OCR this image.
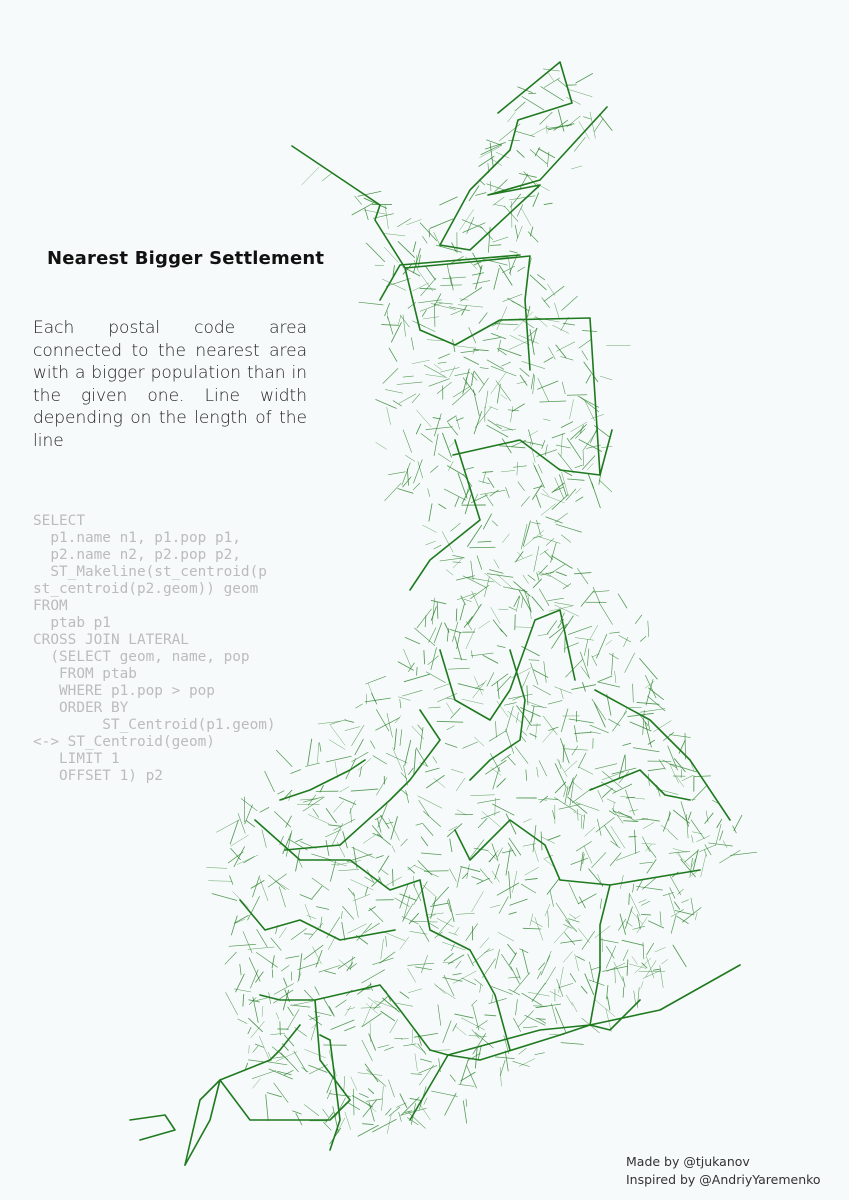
Nearest Bigger Settlement
Each postal code area connected to the nearest area with a bigger population than in the given one. Line width depending on the length of the line
SELECT
p1.name n1, p1.pop p1,
p2.name n2, p2.pop p2,
ST_Makeline(st_centroid(p
st_centroid(p2.geom)) geom
FROM
ptab p1
CROSS JOIN LATERAL
(SELECT geom, name, pop
FROM ptab
WHERE p1.pop > pop
ORDER BY
ST_Centroid(p1.geom)
<-> ST_Centroid(geom)
LIMIT 1
OFFSET 1) p2
Made by @tjukanov
Inspired by @AndriyYaremenko
